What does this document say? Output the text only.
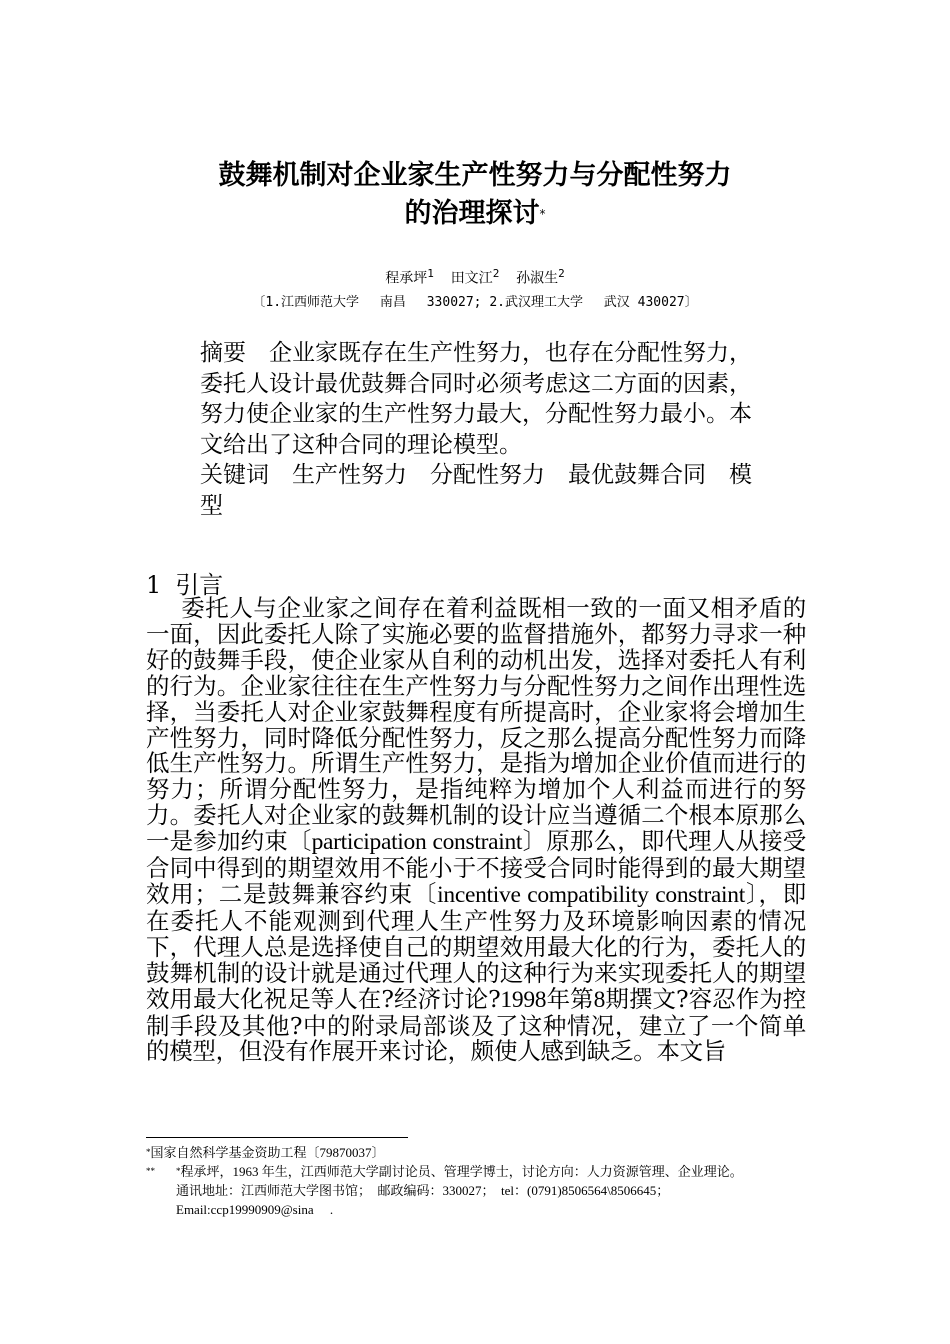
鼓舞机制对企业家生产性努力与分配性努力
的治理探讨*
程承坪$^1$ 田文江$^2$ 孙淑生$^2$
〔1.江西师范大学　 南昌　 330027; 2.武汉理工大学　 武汉 430027〕

摘要  企业家既存在生产性努力，也存在分配性努力，委托人设计最优鼓舞合同时必须考虑这二方面的因素，努力使企业家的生产性努力最大，分配性努力最小。本文给出了这种合同的理论模型。

关键词  生产性努力　分配性努力　最优鼓舞合同　模型

1 引言

委托人与企业家之间存在着利益既相一致的一面又相矛盾的一面，因此委托人除了实施必要的监督措施外，都努力寻求一种好的鼓舞手段，使企业家从自利的动机出发，选择对委托人有利的行为。企业家往往在生产性努力与分配性努力之间作出理性选择，当委托人对企业家鼓舞程度有所提高时，企业家将会增加生产性努力，同时降低分配性努力，反之那么提高分配性努力而降低生产性努力。所谓生产性努力，是指为增加企业价值而进行的努力；所谓分配性努力，是指纯粹为增加个人利益而进行的努力。委托人对企业家的鼓舞机制的设计应当遵循二个根本原那么一是参加约束〔participation constraint〕原那么，即代理人从接受合同中得到的期望效用不能小于不接受合同时能得到的最大期望效用；二是鼓舞兼容约束〔incentive compatibility constraint〕，即在委托人不能观测到代理人生产性努力及环境影响因素的情况下，代理人总是选择使自己的期望效用最大化的行为，委托人的鼓舞机制的设计就是通过代理人的这种行为来实现委托人的期望效用最大化祝足等人在?经济讨论?1998年第8期撰文?容忍作为控制手段及其他?中的附录局部谈及了这种情况，建立了一个简单的模型，但没有作展开来讨论，颇使人感到缺乏。本文旨

*国家自然科学基金资助工程〔79870037〕
** *程承坪，1963 年生，江西师范大学副讨论员、管理学博士，讨论方向：人力资源管理、企业理论。
通讯地址：江西师范大学图书馆；　邮政编码：330027；　tel：(0791)8506564\8506645；
Email:ccp19990909@sina　 .
